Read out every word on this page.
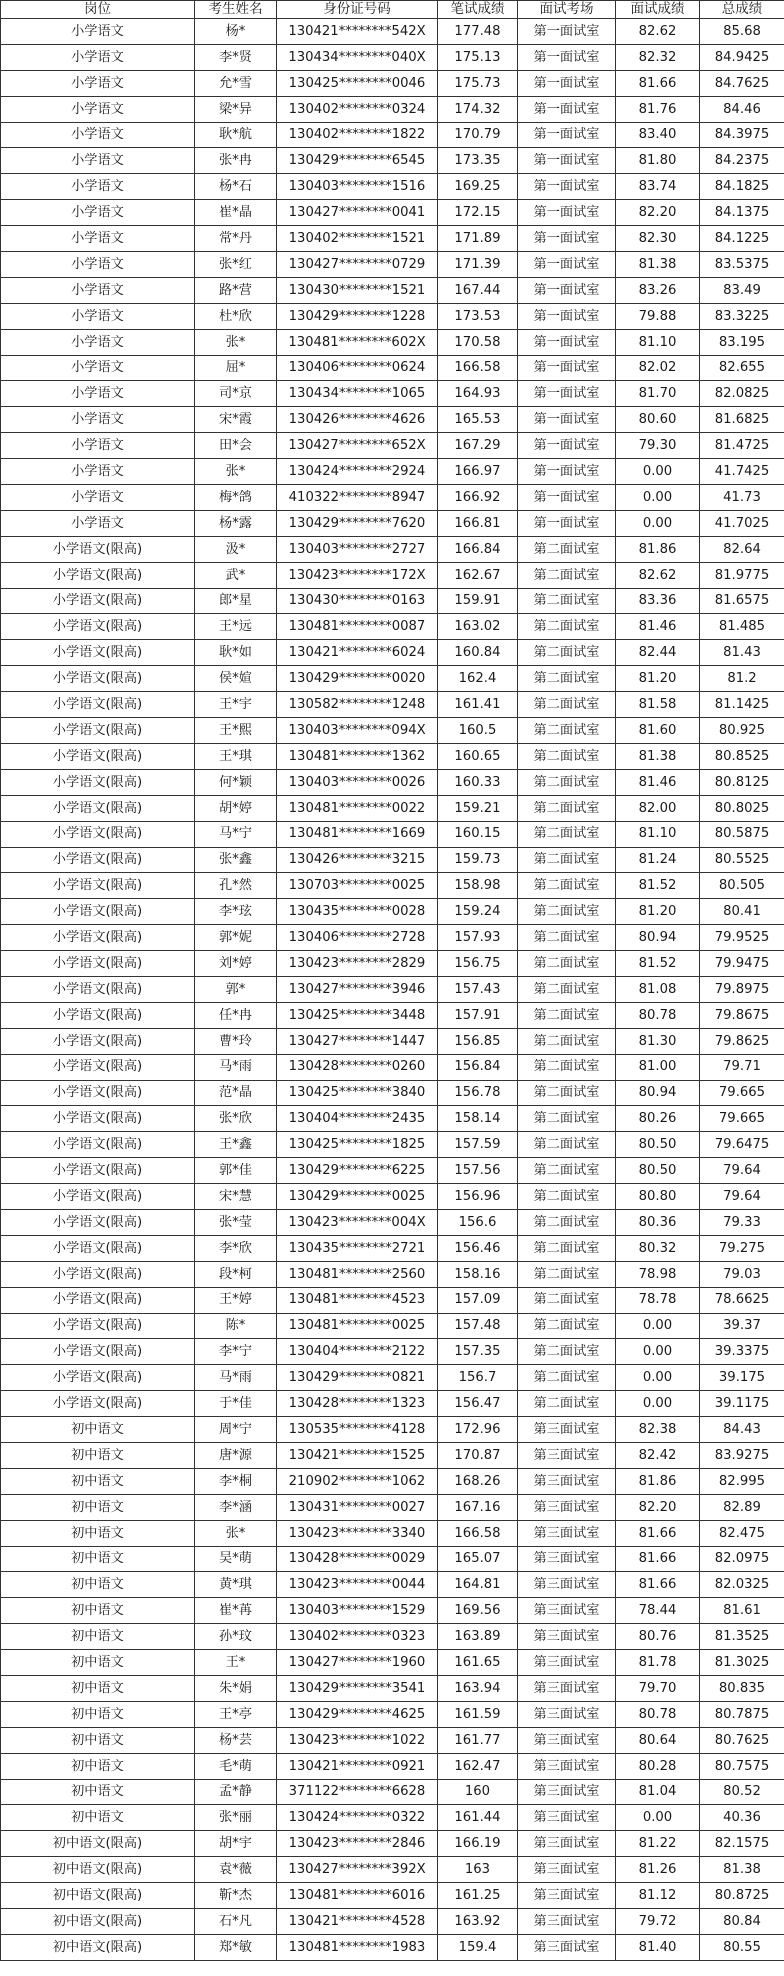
岗位	考生姓名	身份证号码	笔试成绩	面试考场	面试成绩	总成绩
小学语文	杨*	130421********542X	177.48	第一面试室	82.62	85.68
小学语文	李*贤	130434********040X	175.13	第一面试室	82.32	84.9425
小学语文	允*雪	130425********0046	175.73	第一面试室	81.66	84.7625
小学语文	梁*异	130402********0324	174.32	第一面试室	81.76	84.46
小学语文	耿*航	130402********1822	170.79	第一面试室	83.40	84.3975
小学语文	张*冉	130429********6545	173.35	第一面试室	81.80	84.2375
小学语文	杨*石	130403********1516	169.25	第一面试室	83.74	84.1825
小学语文	崔*晶	130427********0041	172.15	第一面试室	82.20	84.1375
小学语文	常*丹	130402********1521	171.89	第一面试室	82.30	84.1225
小学语文	张*红	130427********0729	171.39	第一面试室	81.38	83.5375
小学语文	路*营	130430********1521	167.44	第一面试室	83.26	83.49
小学语文	杜*欣	130429********1228	173.53	第一面试室	79.88	83.3225
小学语文	张*	130481********602X	170.58	第一面试室	81.10	83.195
小学语文	屈*	130406********0624	166.58	第一面试室	82.02	82.655
小学语文	司*京	130434********1065	164.93	第一面试室	81.70	82.0825
小学语文	宋*霞	130426********4626	165.53	第一面试室	80.60	81.6825
小学语文	田*会	130427********652X	167.29	第一面试室	79.30	81.4725
小学语文	张*	130424********2924	166.97	第一面试室	0.00	41.7425
小学语文	梅*鸽	410322********8947	166.92	第一面试室	0.00	41.73
小学语文	杨*露	130429********7620	166.81	第一面试室	0.00	41.7025
小学语文(限高)	汲*	130403********2727	166.84	第二面试室	81.86	82.64
小学语文(限高)	武*	130423********172X	162.67	第二面试室	82.62	81.9775
小学语文(限高)	郎*星	130430********0163	159.91	第二面试室	83.36	81.6575
小学语文(限高)	王*远	130481********0087	163.02	第二面试室	81.46	81.485
小学语文(限高)	耿*如	130421********6024	160.84	第二面试室	82.44	81.43
小学语文(限高)	侯*媗	130429********0020	162.4	第二面试室	81.20	81.2
小学语文(限高)	王*宇	130582********1248	161.41	第二面试室	81.58	81.1425
小学语文(限高)	王*熙	130403********094X	160.5	第二面试室	81.60	80.925
小学语文(限高)	王*琪	130481********1362	160.65	第二面试室	81.38	80.8525
小学语文(限高)	何*颖	130403********0026	160.33	第二面试室	81.46	80.8125
小学语文(限高)	胡*婷	130481********0022	159.21	第二面试室	82.00	80.8025
小学语文(限高)	马*宁	130481********1669	160.15	第二面试室	81.10	80.5875
小学语文(限高)	张*鑫	130426********3215	159.73	第二面试室	81.24	80.5525
小学语文(限高)	孔*然	130703********0025	158.98	第二面试室	81.52	80.505
小学语文(限高)	李*玹	130435********0028	159.24	第二面试室	81.20	80.41
小学语文(限高)	郭*妮	130406********2728	157.93	第二面试室	80.94	79.9525
小学语文(限高)	刘*婷	130423********2829	156.75	第二面试室	81.52	79.9475
小学语文(限高)	郭*	130427********3946	157.43	第二面试室	81.08	79.8975
小学语文(限高)	任*冉	130425********3448	157.91	第二面试室	80.78	79.8675
小学语文(限高)	曹*玲	130427********1447	156.85	第二面试室	81.30	79.8625
小学语文(限高)	马*雨	130428********0260	156.84	第二面试室	81.00	79.71
小学语文(限高)	范*晶	130425********3840	156.78	第二面试室	80.94	79.665
小学语文(限高)	张*欣	130404********2435	158.14	第二面试室	80.26	79.665
小学语文(限高)	王*鑫	130425********1825	157.59	第二面试室	80.50	79.6475
小学语文(限高)	郭*佳	130429********6225	157.56	第二面试室	80.50	79.64
小学语文(限高)	宋*慧	130429********0025	156.96	第二面试室	80.80	79.64
小学语文(限高)	张*莹	130423********004X	156.6	第二面试室	80.36	79.33
小学语文(限高)	李*欣	130435********2721	156.46	第二面试室	80.32	79.275
小学语文(限高)	段*柯	130481********2560	158.16	第二面试室	78.98	79.03
小学语文(限高)	王*婷	130481********4523	157.09	第二面试室	78.78	78.6625
小学语文(限高)	陈*	130481********0025	157.48	第二面试室	0.00	39.37
小学语文(限高)	李*宁	130404********2122	157.35	第二面试室	0.00	39.3375
小学语文(限高)	马*雨	130429********0821	156.7	第二面试室	0.00	39.175
小学语文(限高)	于*佳	130428********1323	156.47	第二面试室	0.00	39.1175
初中语文	周*宁	130535********4128	172.96	第三面试室	82.38	84.43
初中语文	唐*源	130421********1525	170.87	第三面试室	82.42	83.9275
初中语文	李*桐	210902********1062	168.26	第三面试室	81.86	82.995
初中语文	李*涵	130431********0027	167.16	第三面试室	82.20	82.89
初中语文	张*	130423********3340	166.58	第三面试室	81.66	82.475
初中语文	吴*萌	130428********0029	165.07	第三面试室	81.66	82.0975
初中语文	黄*琪	130423********0044	164.81	第三面试室	81.66	82.0325
初中语文	崔*苒	130403********1529	169.56	第三面试室	78.44	81.61
初中语文	孙*玟	130402********0323	163.89	第三面试室	80.76	81.3525
初中语文	王*	130427********1960	161.65	第三面试室	81.78	81.3025
初中语文	朱*娟	130429********3541	163.94	第三面试室	79.70	80.835
初中语文	王*亭	130429********4625	161.59	第三面试室	80.78	80.7875
初中语文	杨*芸	130423********1022	161.77	第三面试室	80.64	80.7625
初中语文	毛*萌	130421********0921	162.47	第三面试室	80.28	80.7575
初中语文	孟*静	371122********6628	160	第三面试室	81.04	80.52
初中语文	张*丽	130424********0322	161.44	第三面试室	0.00	40.36
初中语文(限高)	胡*宇	130423********2846	166.19	第三面试室	81.22	82.1575
初中语文(限高)	袁*薇	130427********392X	163	第三面试室	81.26	81.38
初中语文(限高)	靳*杰	130481********6016	161.25	第三面试室	81.12	80.8725
初中语文(限高)	石*凡	130421********4528	163.92	第三面试室	79.72	80.84
初中语文(限高)	郑*敏	130481********1983	159.4	第三面试室	81.40	80.55
